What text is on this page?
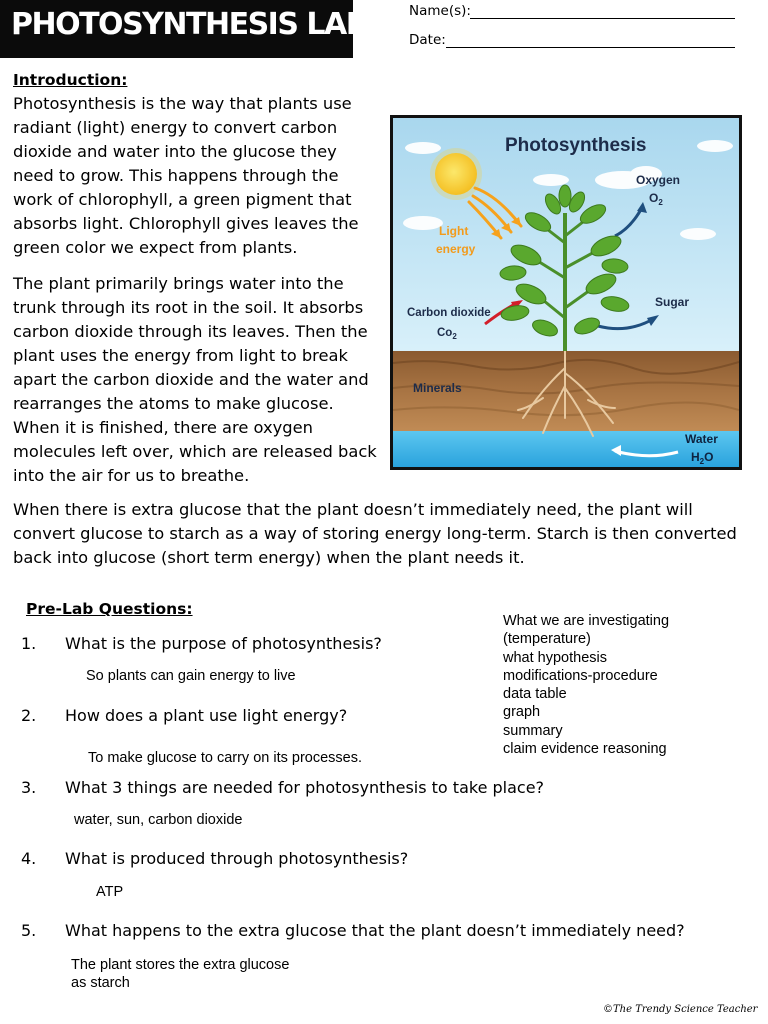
PHOTOSYNTHESIS LAB	Name(s):
Date:
Introduction:

Photosynthesis is the way that plants use radiant (light) energy to convert carbon dioxide and water into the glucose they need to grow. This happens through the work of chlorophyll, a green pigment that absorbs light. Chlorophyll gives leaves the green color we expect from plants.

The plant primarily brings water into the trunk through its root in the soil. It absorbs carbon dioxide through its leaves. Then the plant uses the energy from light to break apart the carbon dioxide and the water and rearranges the atoms to make glucose. When it is finished, there are oxygen molecules left over, which are released back into the air for us to breathe.

Photosynthesis
Light
energy
Oxygen
$O_2$
Sugar
Carbon dioxide
$Co_2$
Minerals
Water
$H_2O$

When there is extra glucose that the plant doesn’t immediately need, the plant will convert glucose to starch as a way of storing energy long-term. Starch is then converted back into glucose (short term energy) when the plant needs it.

Pre-Lab Questions:
1. What is the purpose of photosynthesis?
So plants can gain energy to live
2. How does a plant use light energy?
To make glucose to carry on its processes.
3. What 3 things are needed for photosynthesis to take place?
water, sun, carbon dioxide
4. What is produced through photosynthesis?
ATP
5. What happens to the extra glucose that the plant doesn’t immediately need?
The plant stores the extra glucose
as starch
What we are investigating
(temperature)
what hypothesis
modifications-procedure
data table
graph
summary
claim evidence reasoning
©The Trendy Science Teacher
